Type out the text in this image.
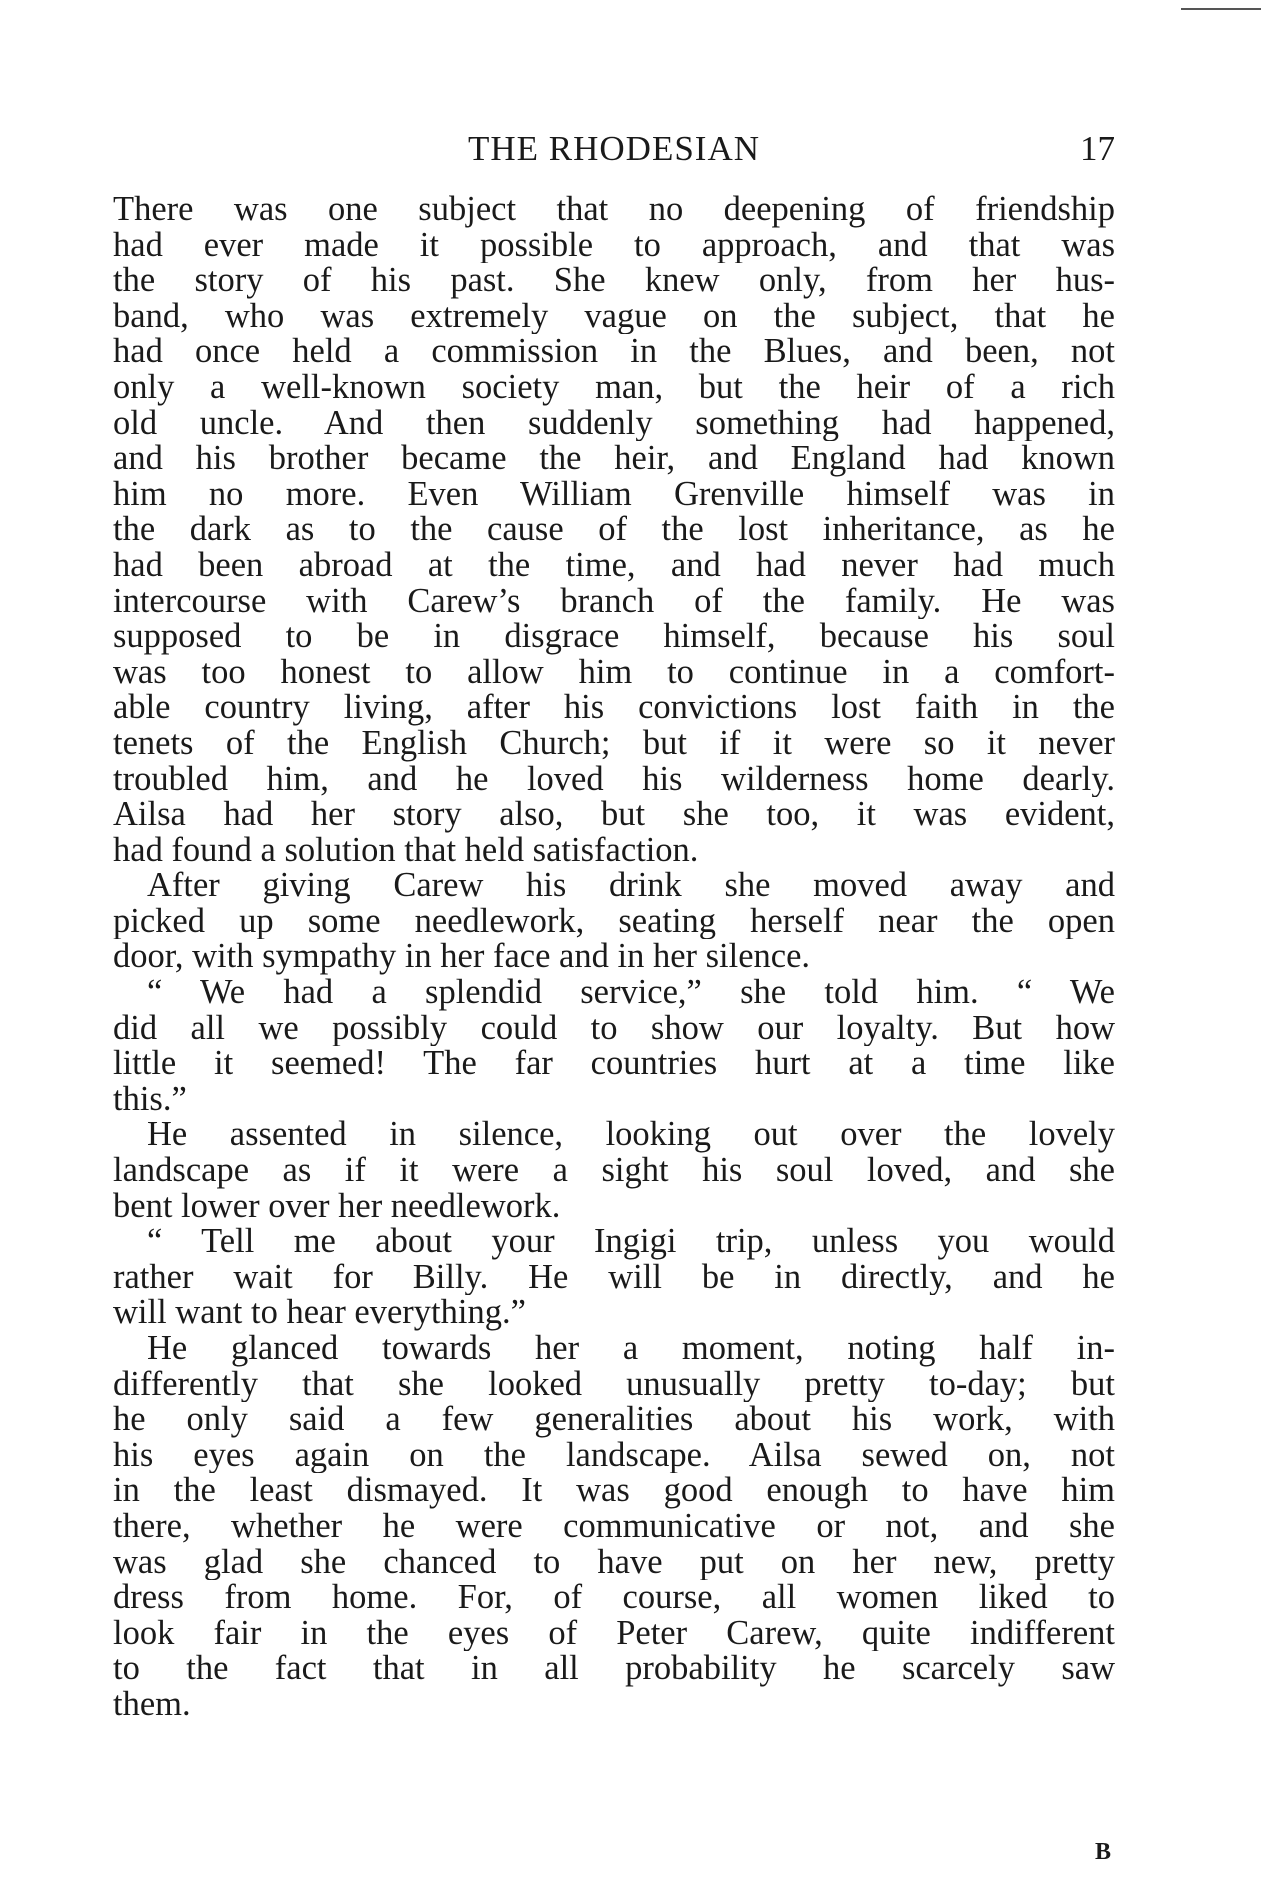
THE RHODESIAN	17
There was one subject that no deepening of friendship
had ever made it possible to approach, and that was
the story of his past. She knew only, from her hus-
band, who was extremely vague on the subject, that he
had once held a commission in the Blues, and been, not
only a well-known society man, but the heir of a rich
old uncle. And then suddenly something had happened,
and his brother became the heir, and England had known
him no more. Even William Grenville himself was in
the dark as to the cause of the lost inheritance, as he
had been abroad at the time, and had never had much
intercourse with Carew’s branch of the family. He was
supposed to be in disgrace himself, because his soul
was too honest to allow him to continue in a comfort-
able country living, after his convictions lost faith in the
tenets of the English Church; but if it were so it never
troubled him, and he loved his wilderness home dearly.
Ailsa had her story also, but she too, it was evident,
had found a solution that held satisfaction.
After giving Carew his drink she moved away and
picked up some needlework, seating herself near the open
door, with sympathy in her face and in her silence.
“ We had a splendid service,” she told him. “ We
did all we possibly could to show our loyalty. But how
little it seemed! The far countries hurt at a time like
this.”
He assented in silence, looking out over the lovely
landscape as if it were a sight his soul loved, and she
bent lower over her needlework.
“ Tell me about your Ingigi trip, unless you would
rather wait for Billy. He will be in directly, and he
will want to hear everything.”
He glanced towards her a moment, noting half in-
differently that she looked unusually pretty to-day; but
he only said a few generalities about his work, with
his eyes again on the landscape. Ailsa sewed on, not
in the least dismayed. It was good enough to have him
there, whether he were communicative or not, and she
was glad she chanced to have put on her new, pretty
dress from home. For, of course, all women liked to
look fair in the eyes of Peter Carew, quite indifferent
to the fact that in all probability he scarcely saw
them.
B
